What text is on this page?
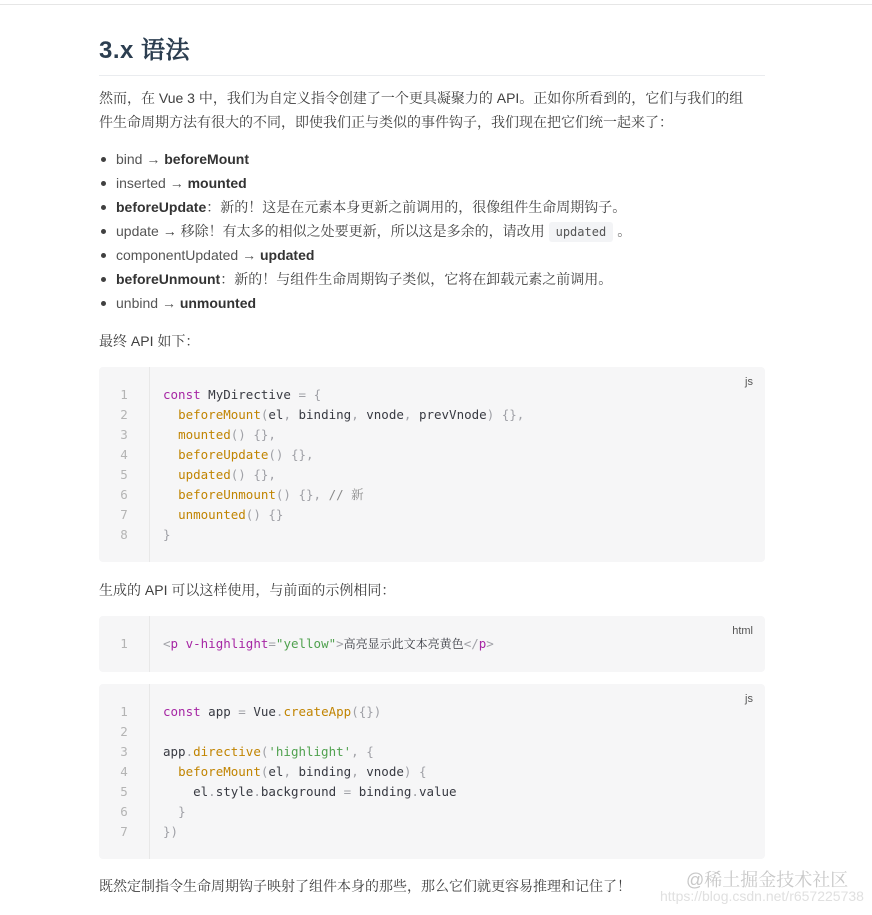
3.x 语法
然而，在 Vue 3 中，我们为自定义指令创建了一个更具凝聚力的 API。正如你所看到的，它们与我们的组
件生命周期方法有很大的不同，即使我们正与类似的事件钩子，我们现在把它们统一起来了：
bind → beforeMount
inserted → mounted
beforeUpdate：新的！这是在元素本身更新之前调用的，很像组件生命周期钩子。
update → 移除！有太多的相似之处要更新，所以这是多余的，请改用 updated 。
componentUpdated → updated
beforeUnmount：新的！与组件生命周期钩子类似，它将在卸载元素之前调用。
unbind → unmounted
最终 API 如下：
js
1	const MyDirective = {
2	beforeMount(el, binding, vnode, prevVnode) {},
3	mounted() {},
4	beforeUpdate() {},
5	updated() {},
6	beforeUnmount() {}, // 新
7	unmounted() {}
8	}
生成的 API 可以这样使用，与前面的示例相同：
html
1	<p v-highlight="yellow">高亮显示此文本亮黄色</p>
js
1	const app = Vue.createApp({})
2
3	app.directive('highlight', {
4	beforeMount(el, binding, vnode) {
5	el.style.background = binding.value
6	}
7	})
既然定制指令生命周期钩子映射了组件本身的那些，那么它们就更容易推理和记住了！	@稀土掘金技术社区
https://blog.csdn.net/r657225738
